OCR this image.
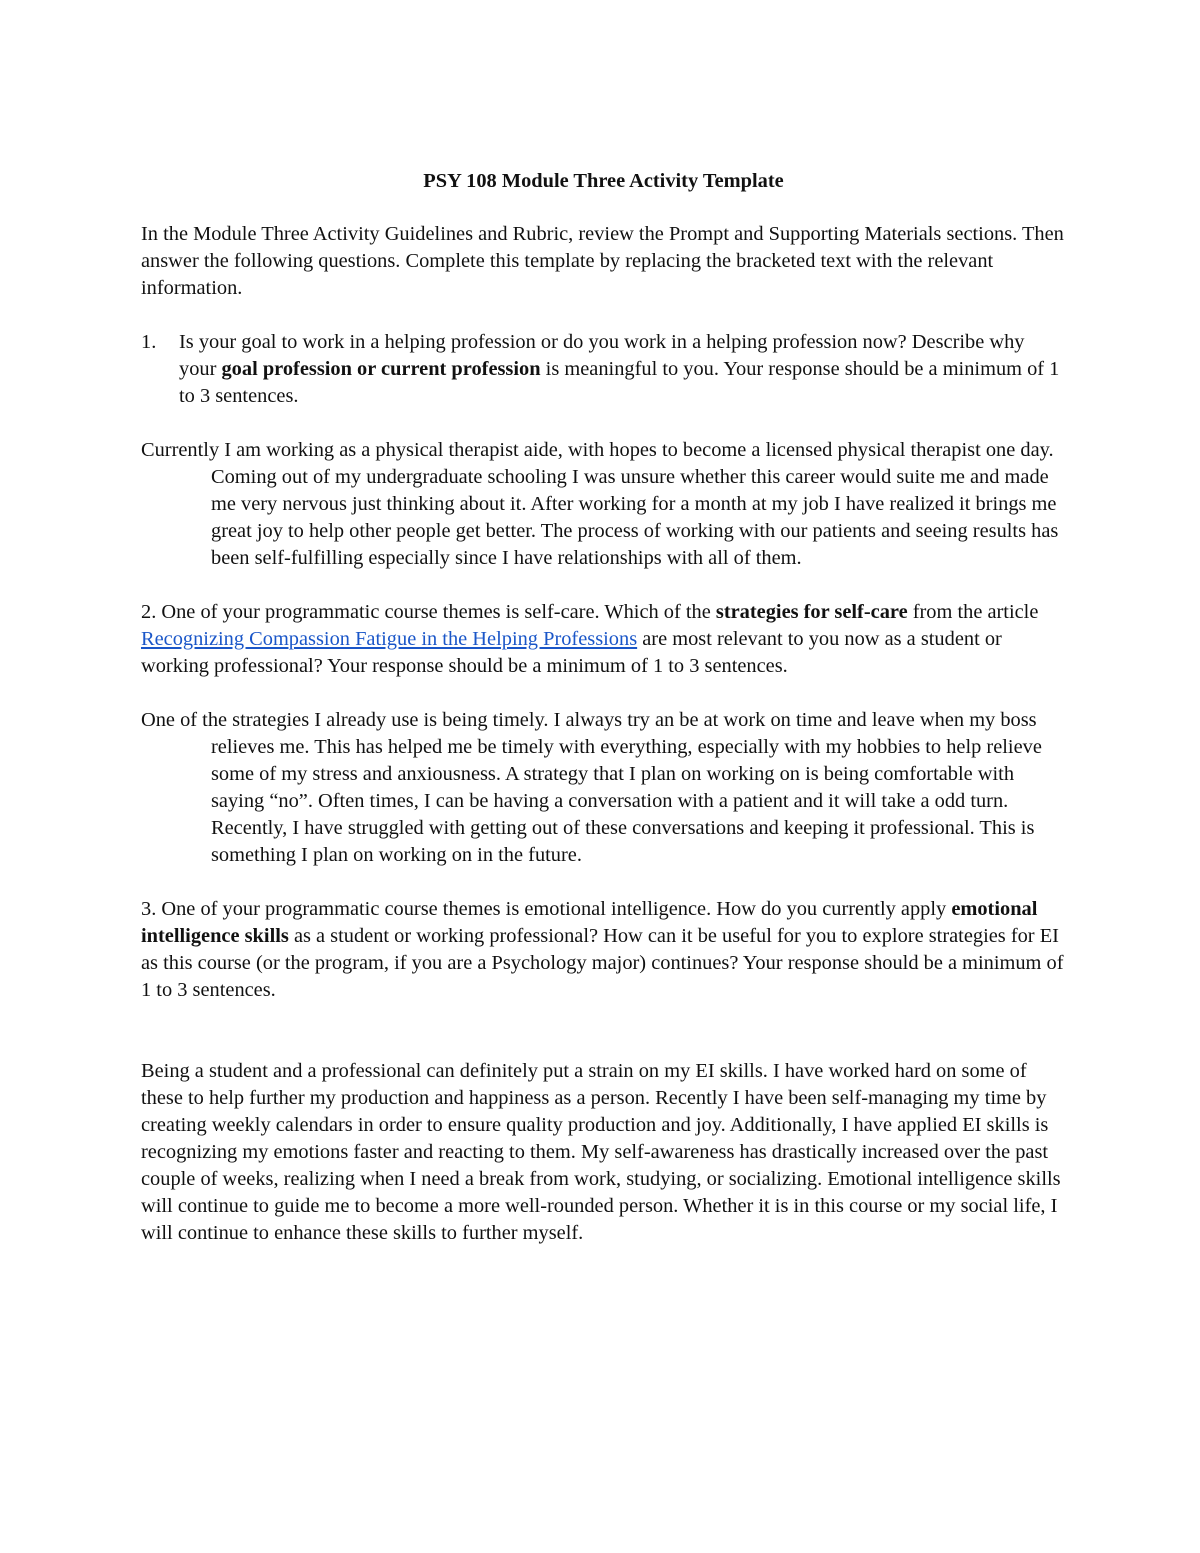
PSY 108 Module Three Activity Template

In the Module Three Activity Guidelines and Rubric, review the Prompt and Supporting Materials sections. Then answer the following questions. Complete this template by replacing the bracketed text with the relevant information.

1.	Is your goal to work in a helping profession or do you work in a helping profession now? Describe why your goal profession or current profession is meaningful to you. Your response should be a minimum of 1 to 3 sentences.

Currently I am working as a physical therapist aide, with hopes to become a licensed physical therapist one day. Coming out of my undergraduate schooling I was unsure whether this career would suite me and made me very nervous just thinking about it. After working for a month at my job I have realized it brings me great joy to help other people get better. The process of working with our patients and seeing results has been self-fulfilling especially since I have relationships with all of them.

2. One of your programmatic course themes is self-care. Which of the strategies for self-care from the article Recognizing Compassion Fatigue in the Helping Professions are most relevant to you now as a student or working professional? Your response should be a minimum of 1 to 3 sentences.

One of the strategies I already use is being timely. I always try an be at work on time and leave when my boss relieves me. This has helped me be timely with everything, especially with my hobbies to help relieve some of my stress and anxiousness. A strategy that I plan on working on is being comfortable with saying “no”. Often times, I can be having a conversation with a patient and it will take a odd turn. Recently, I have struggled with getting out of these conversations and keeping it professional. This is something I plan on working on in the future.

3. One of your programmatic course themes is emotional intelligence. How do you currently apply emotional intelligence skills as a student or working professional? How can it be useful for you to explore strategies for EI as this course (or the program, if you are a Psychology major) continues? Your response should be a minimum of 1 to 3 sentences.

Being a student and a professional can definitely put a strain on my EI skills. I have worked hard on some of these to help further my production and happiness as a person. Recently I have been self-managing my time by creating weekly calendars in order to ensure quality production and joy. Additionally, I have applied EI skills is recognizing my emotions faster and reacting to them. My self-awareness has drastically increased over the past couple of weeks, realizing when I need a break from work, studying, or socializing. Emotional intelligence skills will continue to guide me to become a more well-rounded person. Whether it is in this course or my social life, I will continue to enhance these skills to further myself.
